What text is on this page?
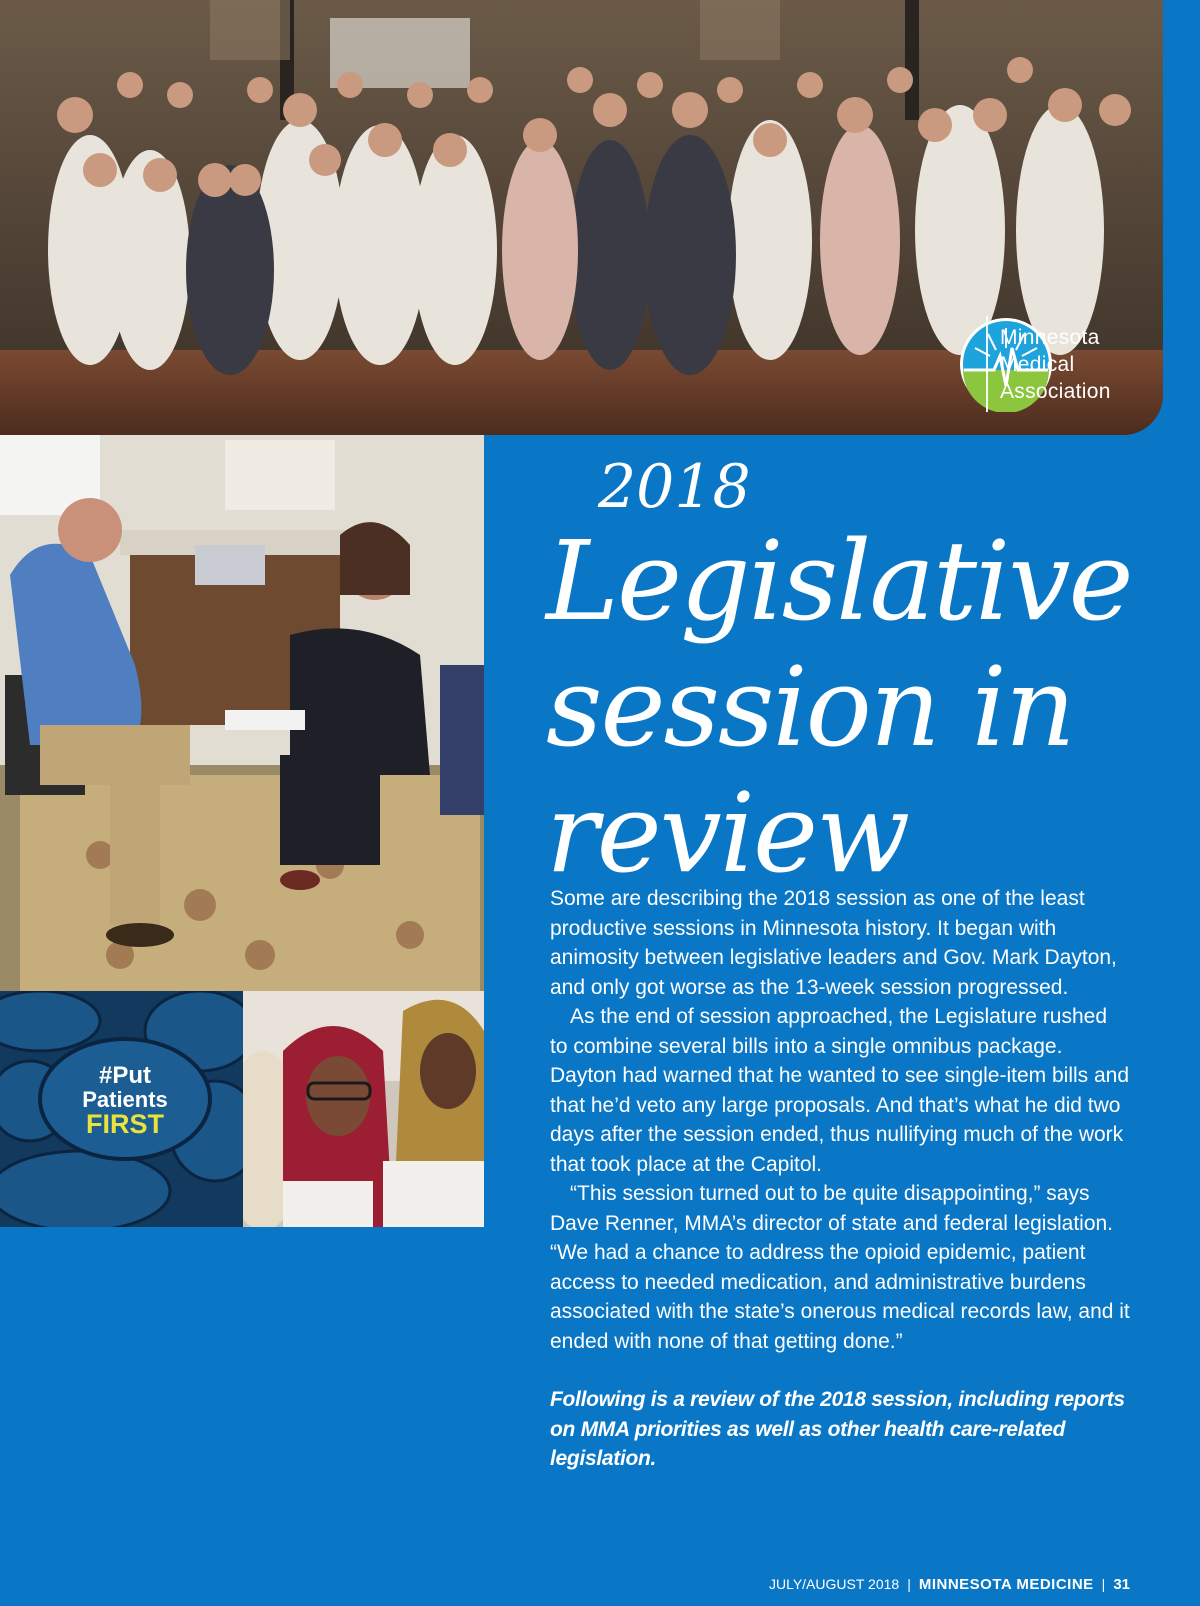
Minnesota
Medical
Association
#Put
Patients
FIRST
2018
Legislative
session in
review

Some are describing the 2018 session as one of the least productive sessions in Minnesota history. It began with animosity between legislative leaders and Gov. Mark Dayton, and only got worse as the 13-week session progressed.

As the end of session approached, the Legislature rushed to combine several bills into a single omnibus package. Dayton had warned that he wanted to see single-item bills and that he’d veto any large proposals. And that’s what he did two days after the session ended, thus nullifying much of the work that took place at the Capitol.

“This session turned out to be quite disappointing,” says Dave Renner, MMA’s director of state and federal legislation. “We had a chance to address the opioid epidemic, patient access to needed medication, and administrative burdens associated with the state’s onerous medical records law, and it ended with none of that getting done.”

Following is a review of the 2018 session, including reports on MMA priorities as well as other health care-related legislation.

JULY/AUGUST 2018 | MINNESOTA MEDICINE | 31
